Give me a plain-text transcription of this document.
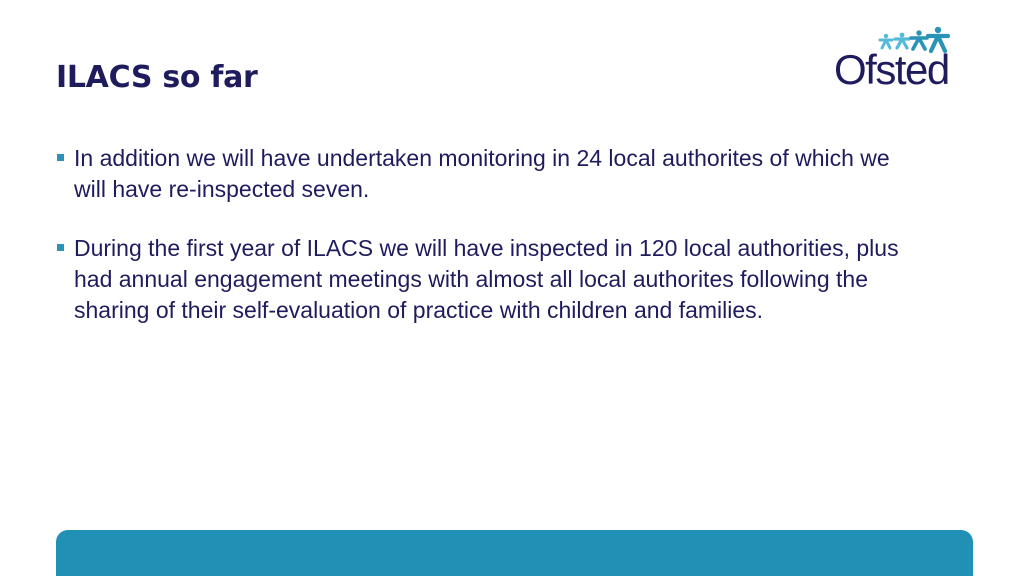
ILACS so far	Ofsted
In addition we will have undertaken monitoring in 24 local authorites of which we will have re-inspected seven.
During the first year of ILACS we will have inspected in 120 local authorities, plus had annual engagement meetings with almost all local authorites following the sharing of their self-evaluation of practice with children and families.
